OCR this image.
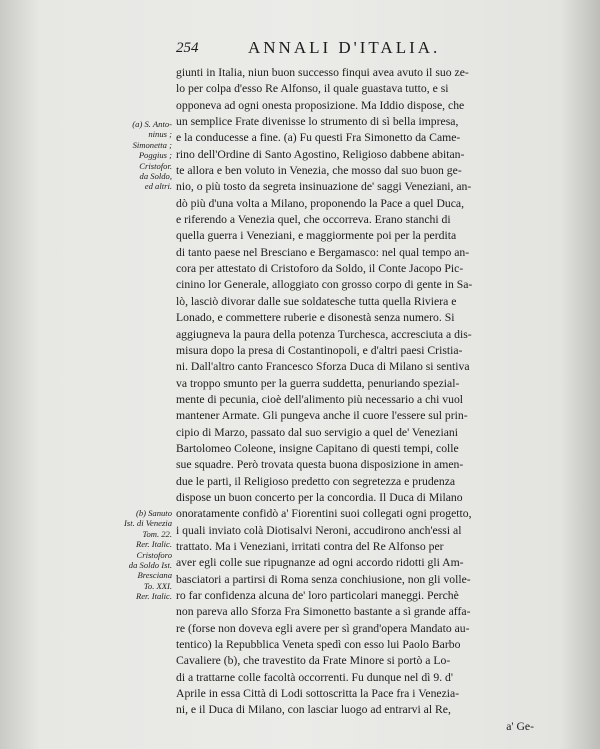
254	ANNALI D'ITALIA.
(a) S. Anto-
ninus ;
Simonetta ;
Poggius ;
Cristofor.
da Soldo,
ed altri.
(b) Sanuto
Ist. di Venezia
Tom. 22.
Rer. Italic.
Cristoforo
da Soldo Ist.
Bresciana
To. XXI.
Rer. Italic.
giunti in Italia, niun buon successo finqui avea avuto il suo ze-
lo per colpa d'esso Re Alfonso, il quale guastava tutto, e si
opponeva ad ogni onesta proposizione. Ma Iddio dispose, che
un semplice Frate divenisse lo strumento di sì bella impresa,
e la conducesse a fine. (a) Fu questi Fra Simonetto da Came-
rino dell'Ordine di Santo Agostino, Religioso dabbene abitan-
te allora e ben voluto in Venezia, che mosso dal suo buon ge-
nio, o più tosto da segreta insinuazione de' saggi Veneziani, an-
dò più d'una volta a Milano, proponendo la Pace a quel Duca,
e riferendo a Venezia quel, che occorreva. Erano stanchi di
quella guerra i Veneziani, e maggiormente poi per la perdita
di tanto paese nel Bresciano e Bergamasco: nel qual tempo an-
cora per attestato di Cristoforo da Soldo, il Conte Jacopo Pic-
cinino lor Generale, alloggiato con grosso corpo di gente in Sa-
lò, lasciò divorar dalle sue soldatesche tutta quella Riviera e
Lonado, e commettere ruberie e disonestà senza numero. Si
aggiugneva la paura della potenza Turchesca, accresciuta a dis-
misura dopo la presa di Costantinopoli, e d'altri paesi Cristia-
ni. Dall'altro canto Francesco Sforza Duca di Milano si sentiva
va troppo smunto per la guerra suddetta, penuriando spezial-
mente di pecunia, cioè dell'alimento più necessario a chi vuol
mantener Armate. Gli pungeva anche il cuore l'essere sul prin-
cipio di Marzo, passato dal suo servigio a quel de' Veneziani
Bartolomeo Coleone, insigne Capitano di questi tempi, colle
sue squadre. Però trovata questa buona disposizione in amen-
due le parti, il Religioso predetto con segretezza e prudenza
dispose un buon concerto per la concordia. Il Duca di Milano
onoratamente confidò a' Fiorentini suoi collegati ogni progetto,
i quali inviato colà Diotisalvi Neroni, accudirono anch'essi al
trattato. Ma i Veneziani, irritati contra del Re Alfonso per
aver egli colle sue ripugnanze ad ogni accordo ridotti gli Am-
basciatori a partirsi di Roma senza conchiusione, non gli volle-
ro far confidenza alcuna de' loro particolari maneggi. Perchè
non pareva allo Sforza Fra Simonetto bastante a sì grande affa-
re (forse non doveva egli avere per sì grand'opera Mandato au-
tentico) la Repubblica Veneta spedì con esso lui Paolo Barbo
Cavaliere (b), che travestito da Frate Minore si portò a Lo-
di a trattarne colle facoltà occorrenti. Fu dunque nel dì 9. d'
Aprile in essa Città di Lodi sottoscritta la Pace fra i Venezia-
ni, e il Duca di Milano, con lasciar luogo ad entrarvi al Re,
a' Ge-
